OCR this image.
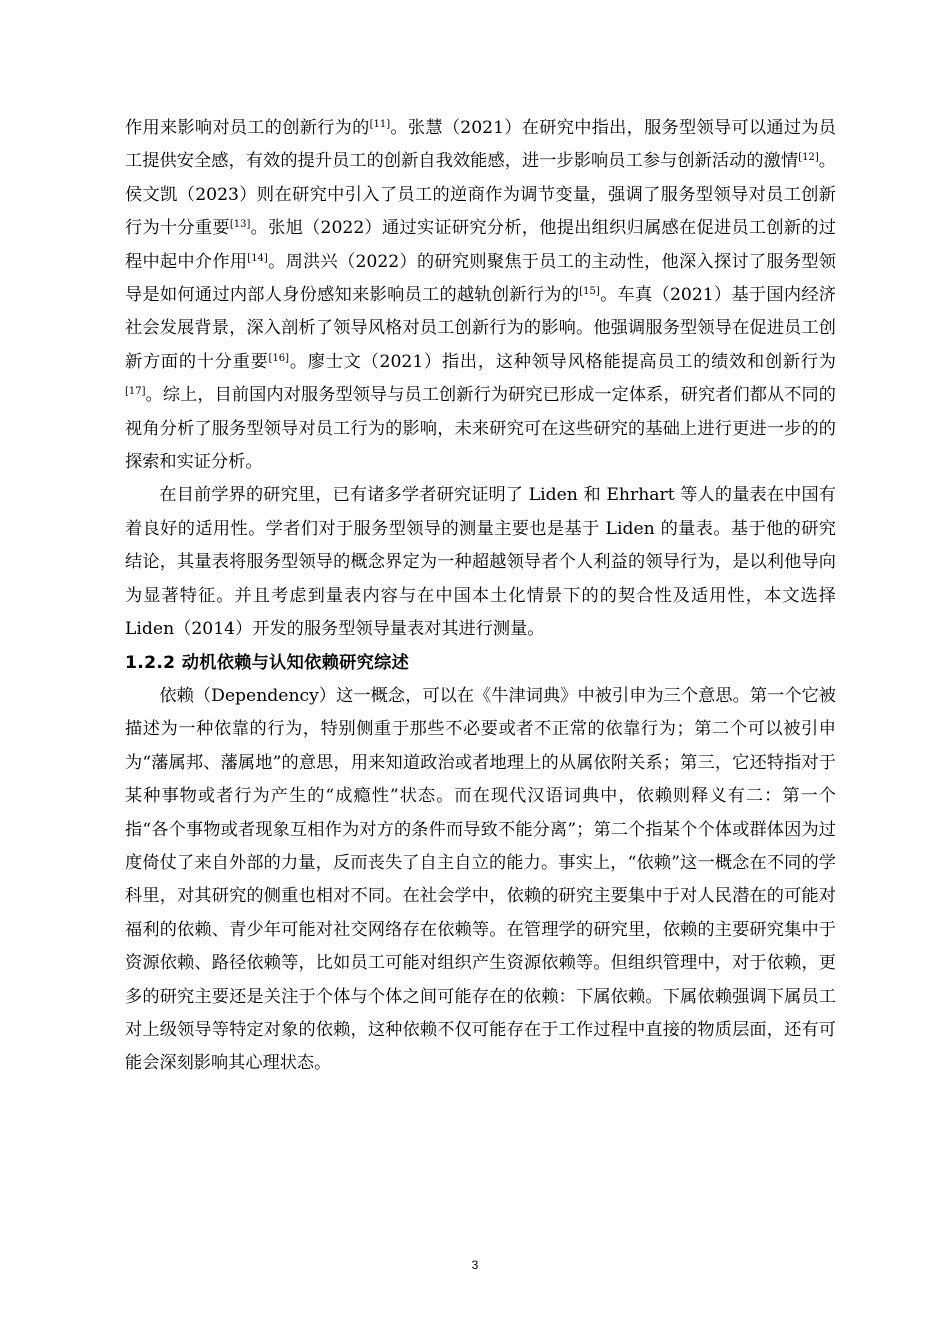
作用来影响对员工的创新行为的[11]。张慧（2021）在研究中指出，服务型领导可以通过为员工提供安全感，有效的提升员工的创新自我效能感，进一步影响员工参与创新活动的激情[12]。侯文凯（2023）则在研究中引入了员工的逆商作为调节变量，强调了服务型领导对员工创新行为十分重要[13]。张旭（2022）通过实证研究分析，他提出组织归属感在促进员工创新的过程中起中介作用[14]。周洪兴（2022）的研究则聚焦于员工的主动性，他深入探讨了服务型领导是如何通过内部人身份感知来影响员工的越轨创新行为的[15]。车真（2021）基于国内经济社会发展背景，深入剖析了领导风格对员工创新行为的影响。他强调服务型领导在促进员工创新方面的十分重要[16]。廖士文（2021）指出，这种领导风格能提高员工的绩效和创新行为[17]。综上，目前国内对服务型领导与员工创新行为研究已形成一定体系，研究者们都从不同的视角分析了服务型领导对员工行为的影响，未来研究可在这些研究的基础上进行更进一步的的探索和实证分析。

在目前学界的研究里，已有诸多学者研究证明了 Liden 和 Ehrhart 等人的量表在中国有着良好的适用性。学者们对于服务型领导的测量主要也是基于 Liden 的量表。基于他的研究结论，其量表将服务型领导的概念界定为一种超越领导者个人利益的领导行为，是以利他导向为显著特征。并且考虑到量表内容与在中国本土化情景下的的契合性及适用性，本文选择 Liden（2014）开发的服务型领导量表对其进行测量。

1.2.2 动机依赖与认知依赖研究综述

依赖（Dependency）这一概念，可以在《牛津词典》中被引申为三个意思。第一个它被描述为一种依靠的行为，特别侧重于那些不必要或者不正常的依靠行为；第二个可以被引申为“藩属邦、藩属地”的意思，用来知道政治或者地理上的从属依附关系；第三，它还特指对于某种事物或者行为产生的“成瘾性”状态。而在现代汉语词典中，依赖则释义有二：第一个指“各个事物或者现象互相作为对方的条件而导致不能分离”；第二个指某个个体或群体因为过度倚仗了来自外部的力量，反而丧失了自主自立的能力。事实上，“依赖”这一概念在不同的学科里，对其研究的侧重也相对不同。在社会学中，依赖的研究主要集中于对人民潜在的可能对福利的依赖、青少年可能对社交网络存在依赖等。在管理学的研究里，依赖的主要研究集中于资源依赖、路径依赖等，比如员工可能对组织产生资源依赖等。但组织管理中，对于依赖，更多的研究主要还是关注于个体与个体之间可能存在的依赖：下属依赖。下属依赖强调下属员工对上级领导等特定对象的依赖，这种依赖不仅可能存在于工作过程中直接的物质层面，还有可能会深刻影响其心理状态。

3
